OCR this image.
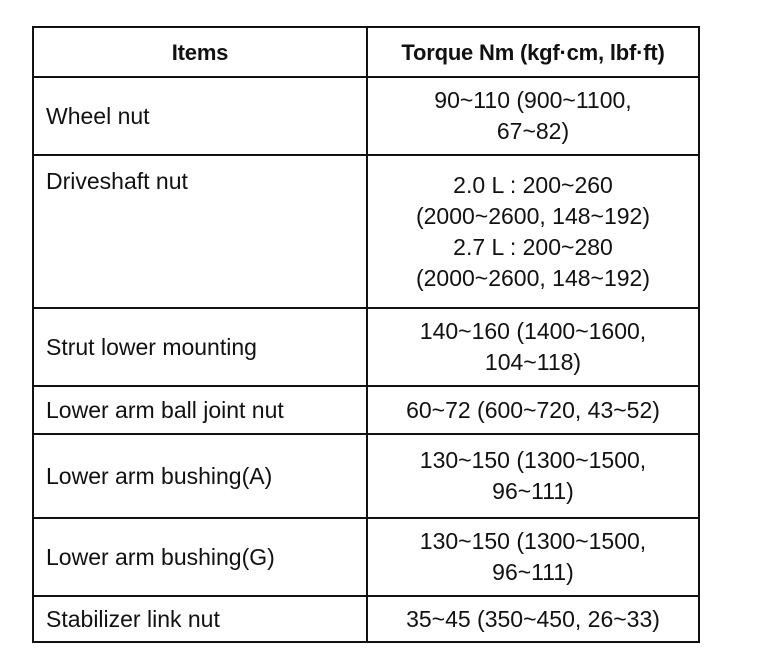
Items	Torque Nm (kgf·cm, lbf·ft)
Wheel nut	90~110 (900~1100,
67~82)

Driveshaft nut	2.0 L : 200~260
(2000~2600, 148~192)
2.7 L : 200~280
(2000~2600, 148~192)

Strut lower mounting	140~160 (1400~1600,
104~118)

Lower arm ball joint nut	60~72 (600~720, 43~52)

Lower arm bushing(A)	130~150 (1300~1500,
96~111)

Lower arm bushing(G)	130~150 (1300~1500,
96~111)

Stabilizer link nut	35~45 (350~450, 26~33)
